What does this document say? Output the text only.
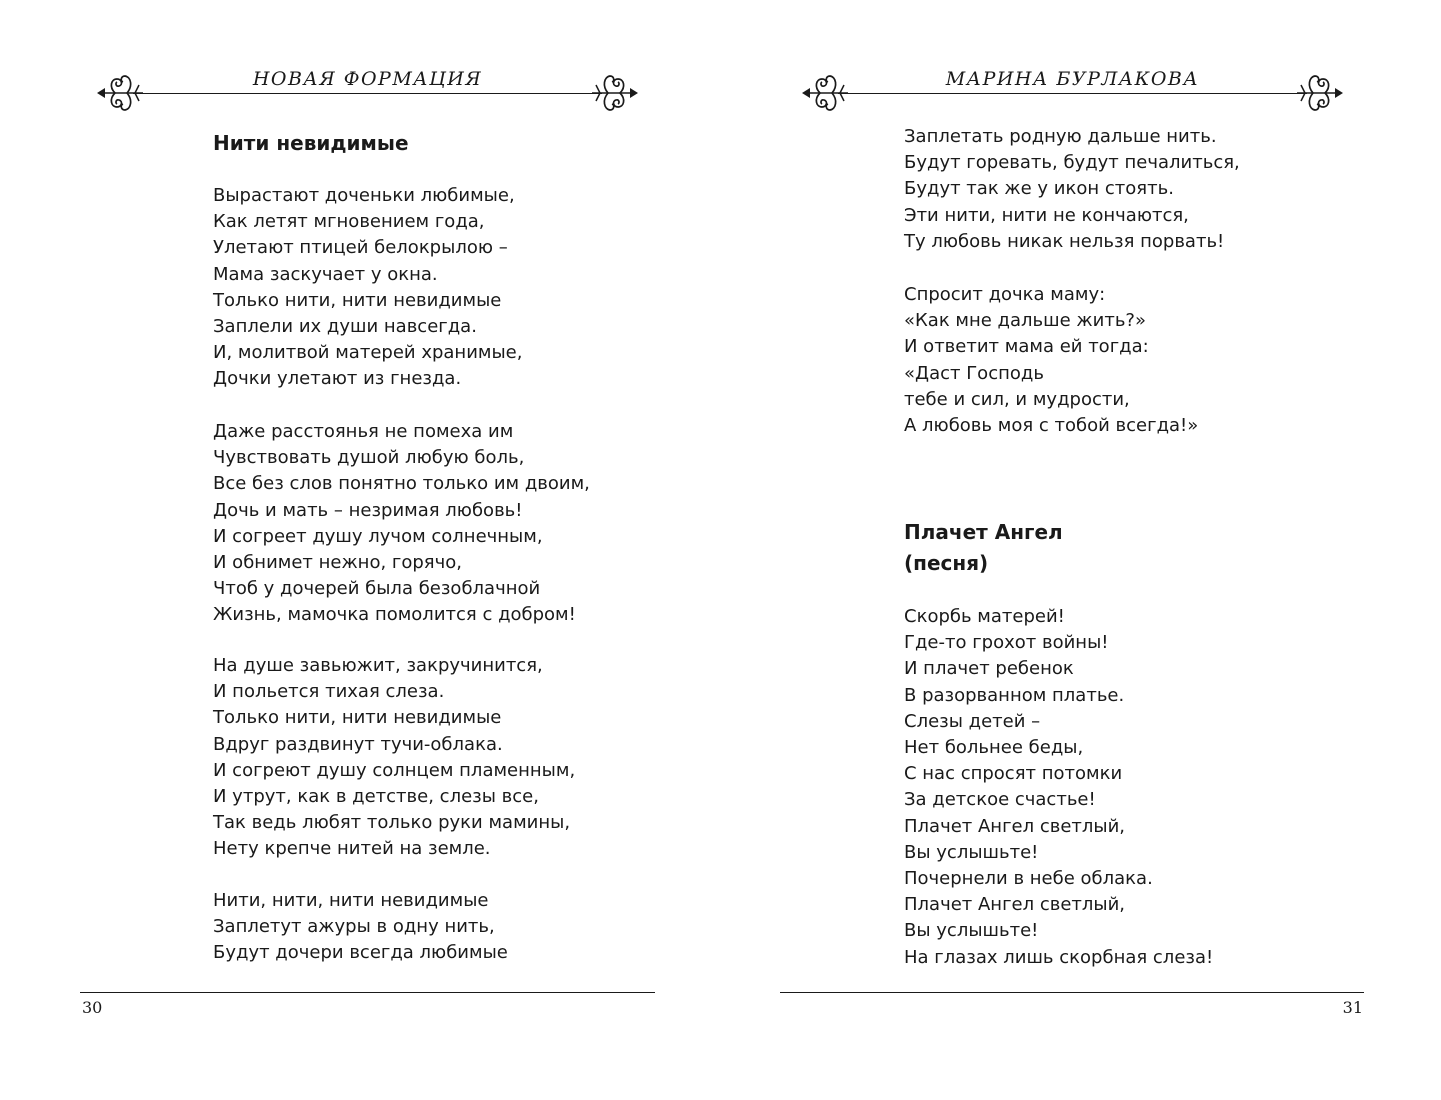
НОВАЯ ФОРМАЦИЯ
Нити невидимые
Вырастают доченьки любимые,
Как летят мгновением года,
Улетают птицей белокрылою –
Мама заскучает у окна.
Только нити, нити невидимые
Заплели их души навсегда.
И, молитвой матерей хранимые,
Дочки улетают из гнезда.
Даже расстоянья не помеха им
Чувствовать душой любую боль,
Все без слов понятно только им двоим,
Дочь и мать – незримая любовь!
И согреет душу лучом солнечным,
И обнимет нежно, горячо,
Чтоб у дочерей была безоблачной
Жизнь, мамочка помолится с добром!
На душе завьюжит, закручинится,
И польется тихая слеза.
Только нити, нити невидимые
Вдруг раздвинут тучи-облака.
И согреют душу солнцем пламенным,
И утрут, как в детстве, слезы все,
Так ведь любят только руки мамины,
Нету крепче нитей на земле.
Нити, нити, нити невидимые
Заплетут ажуры в одну нить,
Будут дочери всегда любимые
30
МАРИНА БУРЛАКОВА
Заплетать родную дальше нить.
Будут горевать, будут печалиться,
Будут так же у икон стоять.
Эти нити, нити не кончаются,
Ту любовь никак нельзя порвать!
Спросит дочка маму:
«Как мне дальше жить?»
И ответит мама ей тогда:
«Даст Господь
тебе и сил, и мудрости,
А любовь моя с тобой всегда!»
Плачет Ангел
(песня)
Скорбь матерей!
Где-то грохот войны!
И плачет ребенок
В разорванном платье.
Слезы детей –
Нет больнее беды,
С нас спросят потомки
За детское счастье!
Плачет Ангел светлый,
Вы услышьте!
Почернели в небе облака.
Плачет Ангел светлый,
Вы услышьте!
На глазах лишь скорбная слеза!
31
